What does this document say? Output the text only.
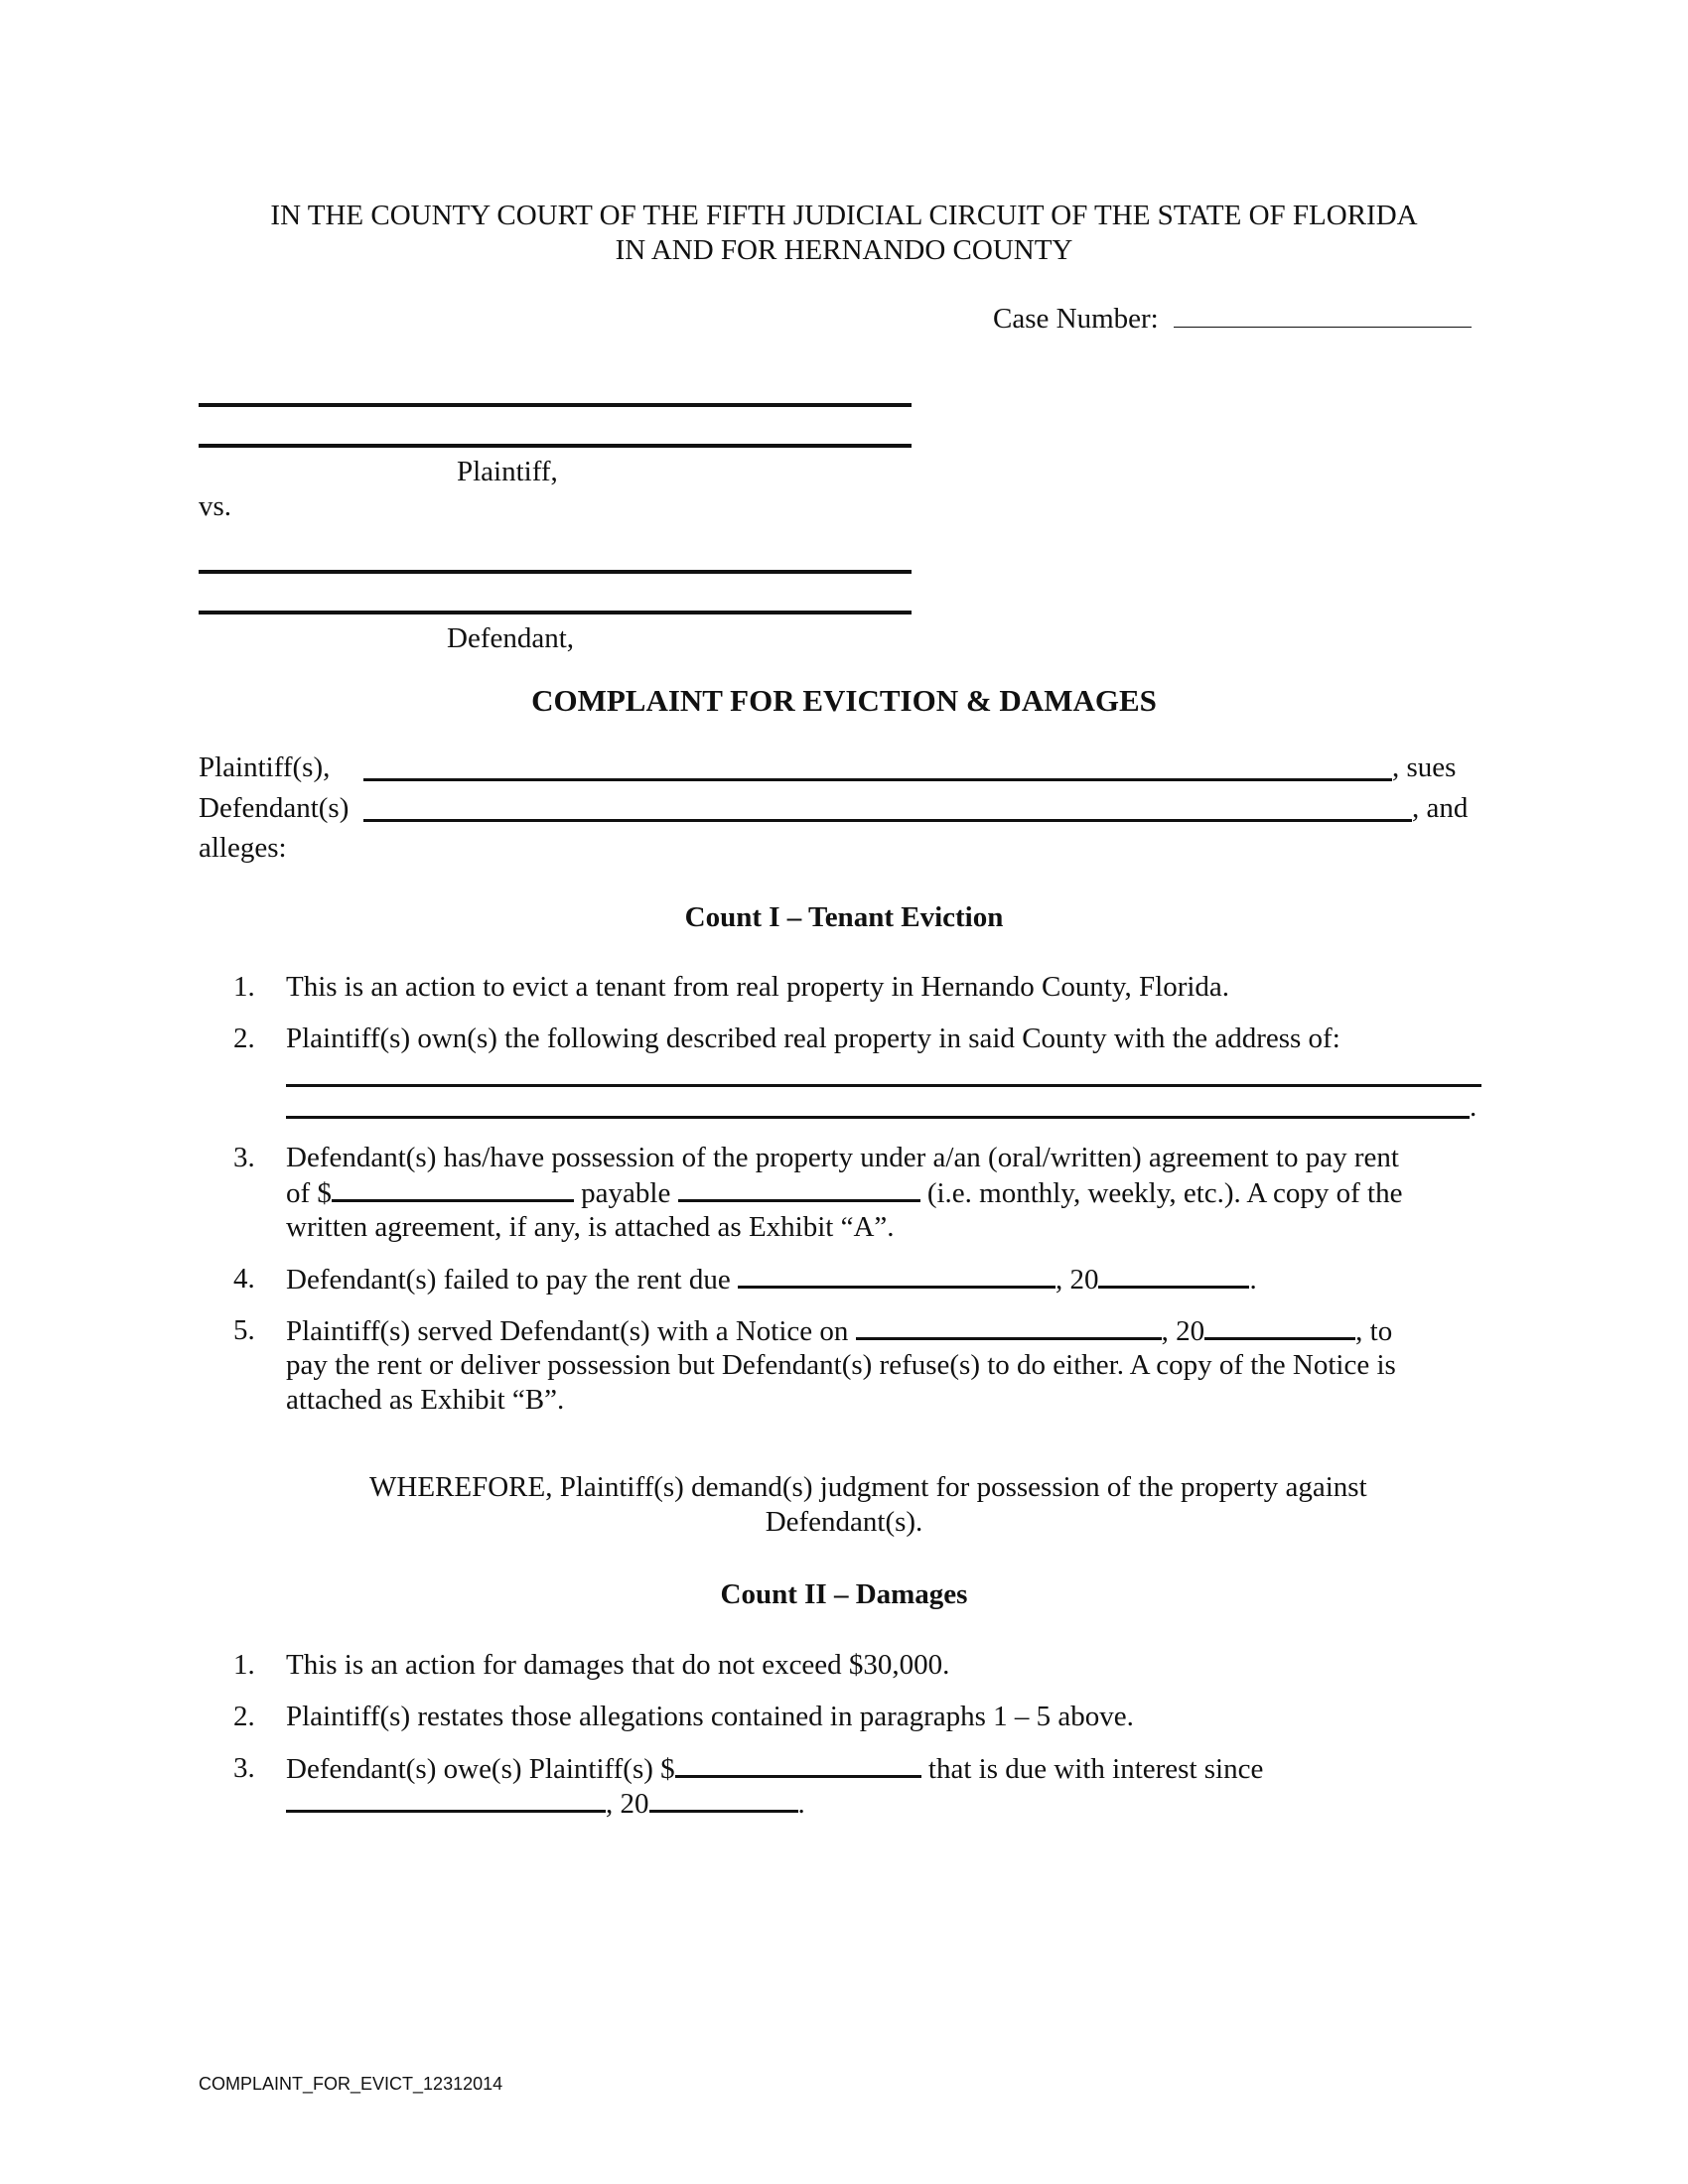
IN THE COUNTY COURT OF THE FIFTH JUDICIAL CIRCUIT OF THE STATE OF FLORIDA
IN AND FOR HERNANDO COUNTY
Case Number:
Plaintiff,
vs.
Defendant,
COMPLAINT FOR EVICTION & DAMAGES
Plaintiff(s),	, sues
Defendant(s)	, and
alleges:
Count I – Tenant Eviction
1. This is an action to evict a tenant from real property in Hernando County, Florida.
2. Plaintiff(s) own(s) the following described real property in said County with the address of:
.
3. Defendant(s) has/have possession of the property under a/an (oral/written) agreement to pay rent
of $	payable	(i.e. monthly, weekly, etc.). A copy of the
written agreement, if any, is attached as Exhibit “A”.
4. Defendant(s) failed to pay the rent due	, 20	.
5. Plaintiff(s) served Defendant(s) with a Notice on	, 20	, to
pay the rent or deliver possession but Defendant(s) refuse(s) to do either. A copy of the Notice is
attached as Exhibit “B”.
WHEREFORE, Plaintiff(s) demand(s) judgment for possession of the property against
Defendant(s).
Count II – Damages
1. This is an action for damages that do not exceed $30,000.
2. Plaintiff(s) restates those allegations contained in paragraphs 1 – 5 above.
3. Defendant(s) owe(s) Plaintiff(s) $	that is due with interest since
, 20	.
COMPLAINT_FOR_EVICT_12312014
